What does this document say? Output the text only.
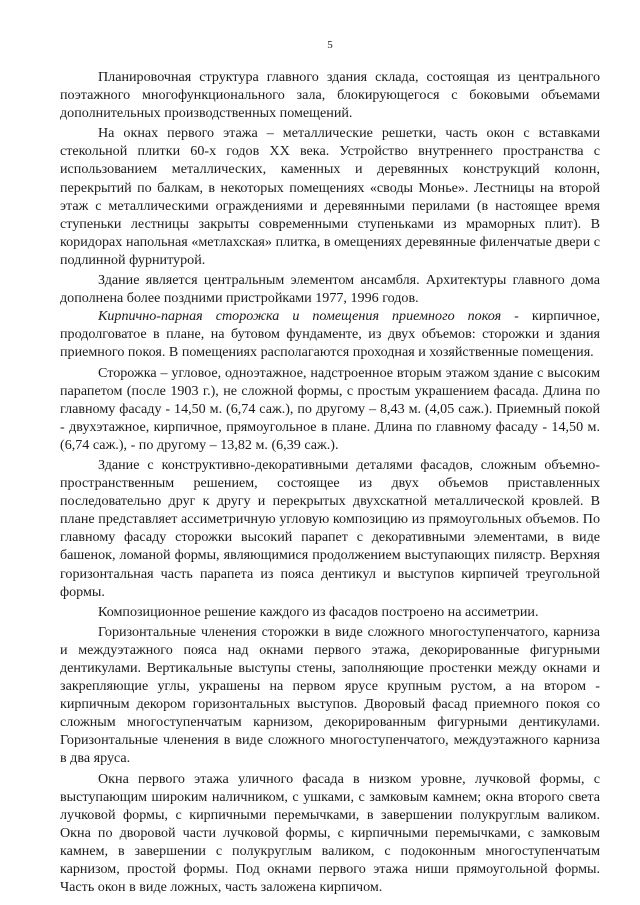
5

Планировочная структура главного здания склада, состоящая из центрального поэтажного многофункционального зала, блокирующегося с боковыми объемами дополнительных производственных помещений.

На окнах первого этажа – металлические решетки, часть окон с вставками стекольной плитки 60-х годов ХХ века. Устройство внутреннего пространства с использованием металлических, каменных и деревянных конструкций колонн, перекрытий по балкам, в некоторых помещениях «своды Монье». Лестницы на второй этаж с металлическими ограждениями и деревянными перилами (в настоящее время ступеньки лестницы закрыты современными ступеньками из мраморных плит). В коридорах напольная «метлахская» плитка, в омещениях деревянные филенчатые двери с подлинной фурнитурой.

Здание является центральным элементом ансамбля. Архитектуры главного дома дополнена более поздними пристройками 1977, 1996 годов.

Кирпично-парная сторожка и помещения приемного покоя - кирпичное, продолговатое в плане, на бутовом фундаменте, из двух объемов: сторожки и здания приемного покоя. В помещениях располагаются проходная и хозяйственные помещения.

Сторожка – угловое, одноэтажное, надстроенное вторым этажом здание с высоким парапетом (после 1903 г.), не сложной формы, с простым украшением фасада. Длина по главному фасаду - 14,50 м. (6,74 саж.), по другому – 8,43 м. (4,05 саж.). Приемный покой - двухэтажное, кирпичное, прямоугольное в плане. Длина по главному фасаду - 14,50 м. (6,74 саж.), - по другому – 13,82 м. (6,39 саж.).

Здание с конструктивно-декоративными деталями фасадов, сложным объемно-пространственным решением, состоящее из двух объемов приставленных последовательно друг к другу и перекрытых двухскатной металлической кровлей. В плане представляет ассиметричную угловую композицию из прямоугольных объемов. По главному фасаду сторожки высокий парапет с декоративными элементами, в виде башенок, ломаной формы, являющимися продолжением выступающих пилястр. Верхняя горизонтальная часть парапета из пояса дентикул и выступов кирпичей треугольной формы.

Композиционное решение каждого из фасадов построено на ассиметрии.

Горизонтальные членения сторожки в виде сложного многоступенчатого, карниза и междуэтажного пояса над окнами первого этажа, декорированные фигурными дентикулами. Вертикальные выступы стены, заполняющие простенки между окнами и закрепляющие углы, украшены на первом ярусе крупным рустом, а на втором - кирпичным декором горизонтальных выступов. Дворовый фасад приемного покоя со сложным многоступенчатым карнизом, декорированным фигурными дентикулами. Горизонтальные членения в виде сложного многоступенчатого, междуэтажного карниза в два яруса.

Окна первого этажа уличного фасада в низком уровне, лучковой формы, с выступающим широким наличником, с ушками, с замковым камнем; окна второго света лучковой формы, с кирпичными перемычками, в завершении полукруглым валиком. Окна по дворовой части лучковой формы, с кирпичными перемычками, с замковым камнем, в завершении с полукруглым валиком, с подоконным многоступенчатым карнизом, простой формы. Под окнами первого этажа ниши прямоугольной формы. Часть окон в виде ложных, часть заложена кирпичом.
